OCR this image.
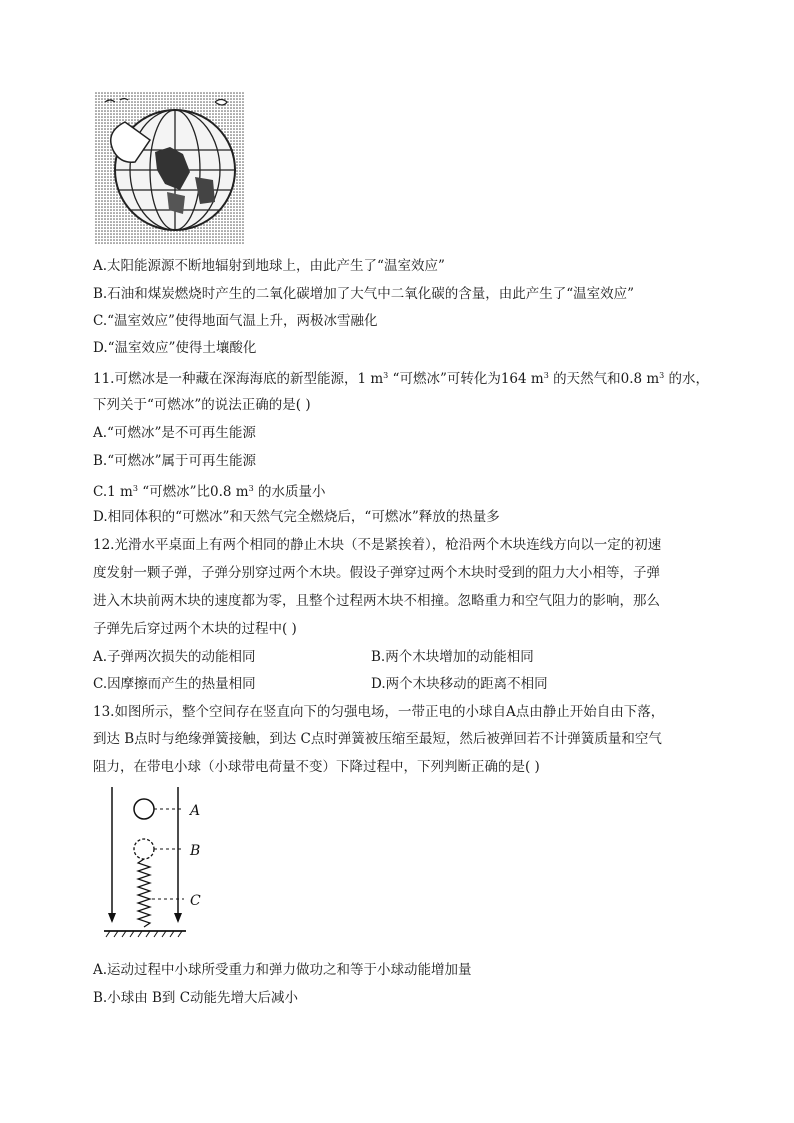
A.太阳能源源不断地辐射到地球上，由此产生了“温室效应”
B.石油和煤炭燃烧时产生的二氧化碳增加了大气中二氧化碳的含量，由此产生了“温室效应”
C.“温室效应”使得地面气温上升，两极冰雪融化
D.“温室效应”使得土壤酸化
11.可燃冰是一种藏在深海海底的新型能源，1 $m^3$ “可燃冰”可转化为164 $m^3$ 的天然气和0.8 $m^3$ 的水，
下列关于“可燃冰”的说法正确的是( )
A.“可燃冰”是不可再生能源
B.“可燃冰”属于可再生能源
C.1 $m^3$ “可燃冰”比0.8 $m^3$ 的水质量小
D.相同体积的“可燃冰”和天然气完全燃烧后，“可燃冰”释放的热量多
12.光滑水平桌面上有两个相同的静止木块（不是紧挨着），枪沿两个木块连线方向以一定的初速
度发射一颗子弹，子弹分别穿过两个木块。假设子弹穿过两个木块时受到的阻力大小相等，子弹
进入木块前两木块的速度都为零，且整个过程两木块不相撞。忽略重力和空气阻力的影响，那么
子弹先后穿过两个木块的过程中( )
A.子弹两次损失的动能相同	B.两个木块增加的动能相同
C.因摩擦而产生的热量相同	D.两个木块移动的距离不相同
13.如图所示，整个空间存在竖直向下的匀强电场，一带正电的小球自A点由静止开始自由下落，
到达 B点时与绝缘弹簧接触，到达 C点时弹簧被压缩至最短，然后被弹回若不计弹簧质量和空气
阻力，在带电小球（小球带电荷量不变）下降过程中，下列判断正确的是( )
A
B
C
A.运动过程中小球所受重力和弹力做功之和等于小球动能增加量
B.小球由 B到 C动能先增大后减小
